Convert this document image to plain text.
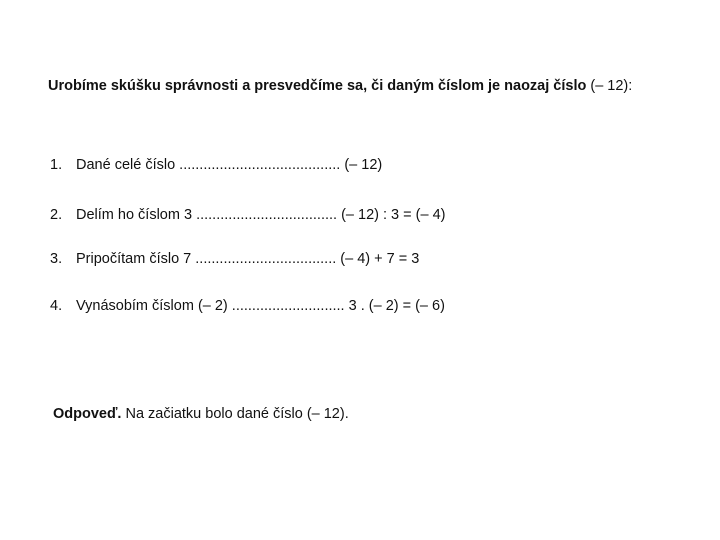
Urobíme skúšku správnosti a presvedčíme sa, či daným číslom je naozaj číslo (– 12):
1. Dané celé číslo ........................................ (– 12)
2. Delím ho číslom 3 ................................... (– 12) : 3 = (– 4)
3. Pripočítam číslo 7 ................................... (– 4) + 7 = 3
4. Vynásobím číslom (– 2) ............................ 3 . (– 2) = (– 6)
Odpoveď. Na začiatku bolo dané číslo (– 12).
